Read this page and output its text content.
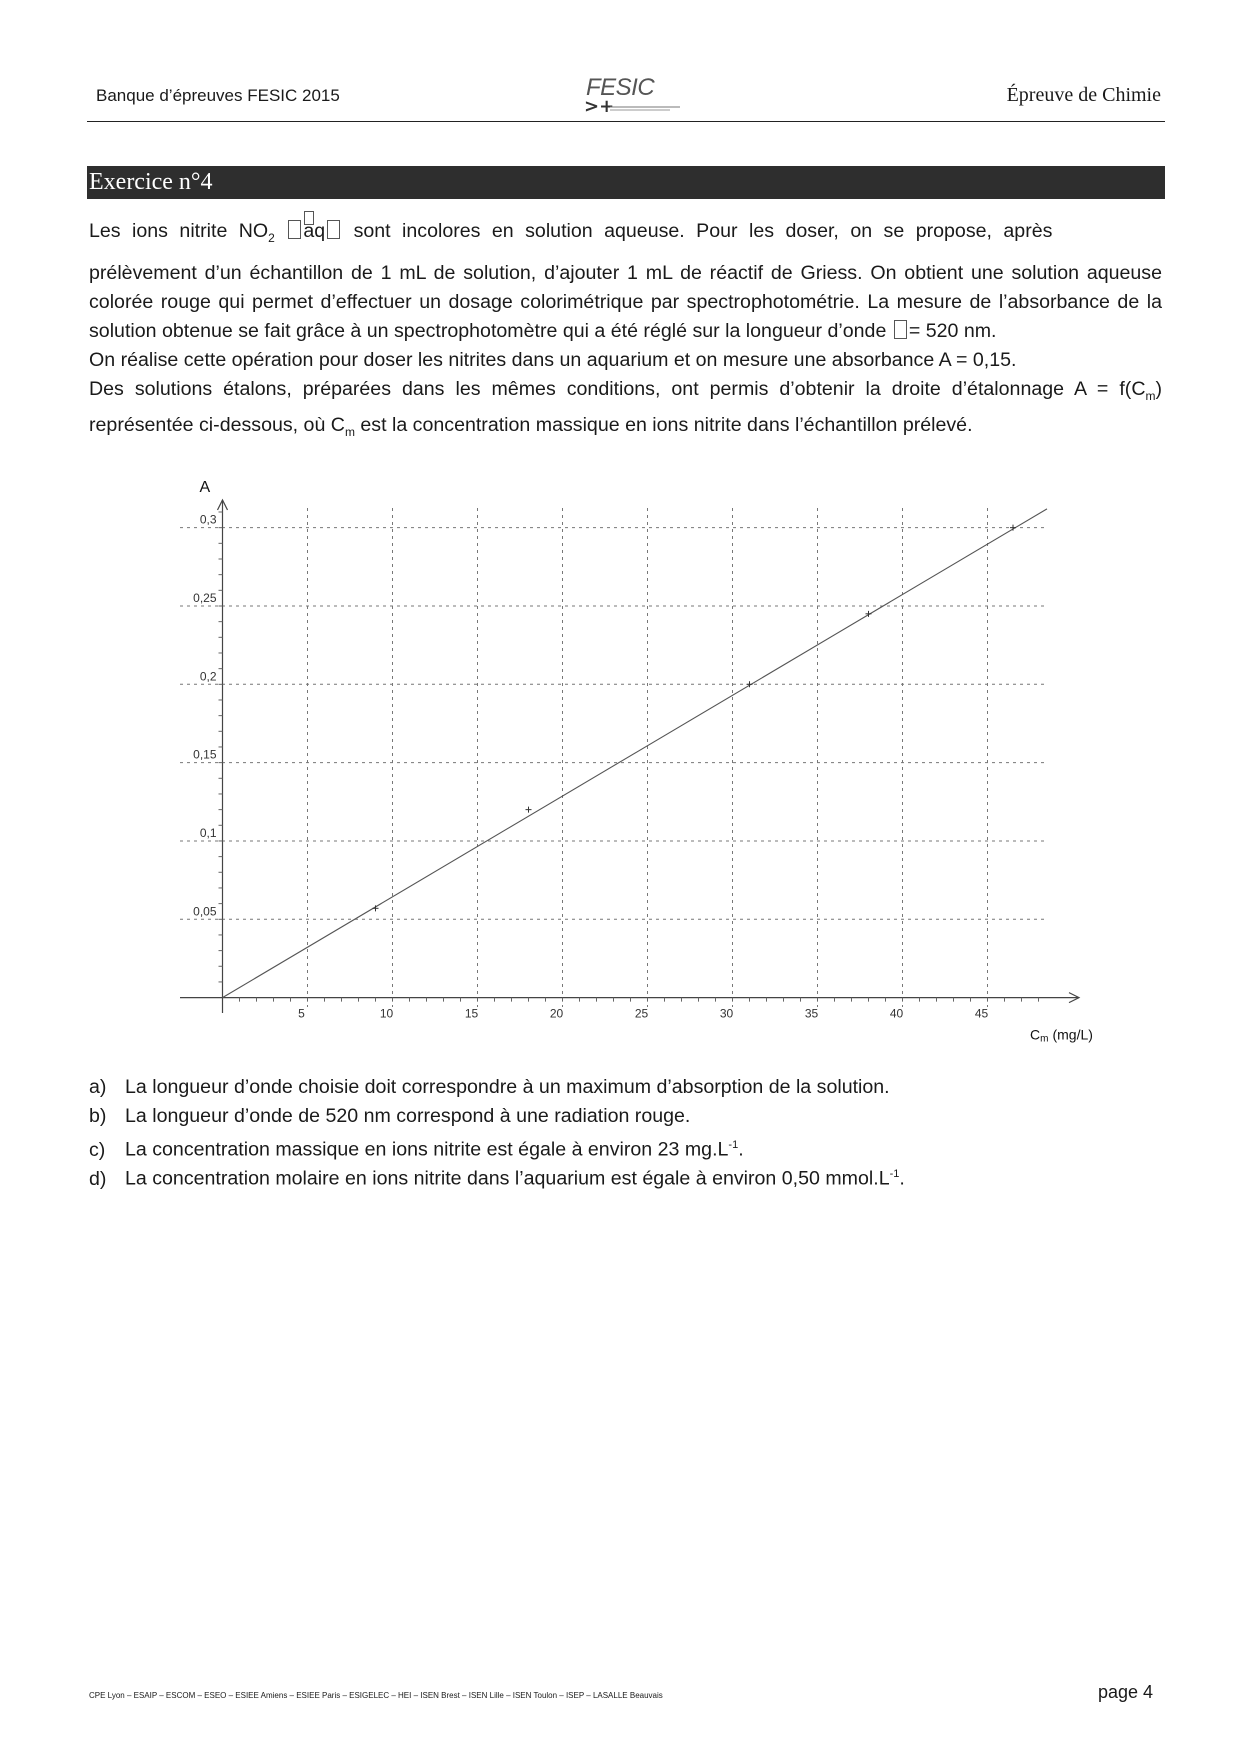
Banque d’épreuves FESIC 2015	FESIC
>+
Épreuve de Chimie
Exercice n°4

Les ions nitrite NO
$_2$ aq sont incolores en solution aqueuse. Pour les doser, on se propose, après

prélèvement d’un échantillon de 1 mL de solution, d’ajouter 1 mL de réactif de Griess. On obtient une solution aqueuse colorée rouge qui permet d’effectuer un dosage colorimétrique par spectrophotométrie. La mesure de l’absorbance de la solution obtenue se fait grâce à un spectrophotomètre qui a été réglé sur la longueur d’onde = 520 nm.

On réalise cette opération pour doser les nitrites dans un aquarium et on mesure une absorbance A = 0,15.

Des solutions étalons, préparées dans les mêmes conditions, ont permis d’obtenir la droite d’étalonnage $A = f(C_m)$ représentée ci-dessous, où $C_m$ est la concentration massique en ions nitrite dans l’échantillon prélevé.

5	10	15	20	25	30	35	40	45
0,05
0,1
0,15
0,2
0,25
0,3
A
Cm (mg/L)
a) La longueur d’onde choisie doit correspondre à un maximum d’absorption de la solution.
b) La longueur d’onde de 520 nm correspond à une radiation rouge.
c) La concentration massique en ions nitrite est égale à environ 23 $mg.L^{-1}$.
d) La concentration molaire en ions nitrite dans l’aquarium est égale à environ 0,50 $mmol.L^{-1}$.
CPE Lyon – ESAIP – ESCOM – ESEO – ESIEE Amiens – ESIEE Paris – ESIGELEC – HEI – ISEN Brest – ISEN Lille – ISEN Toulon – ISEP – LASALLE Beauvais	page 4
